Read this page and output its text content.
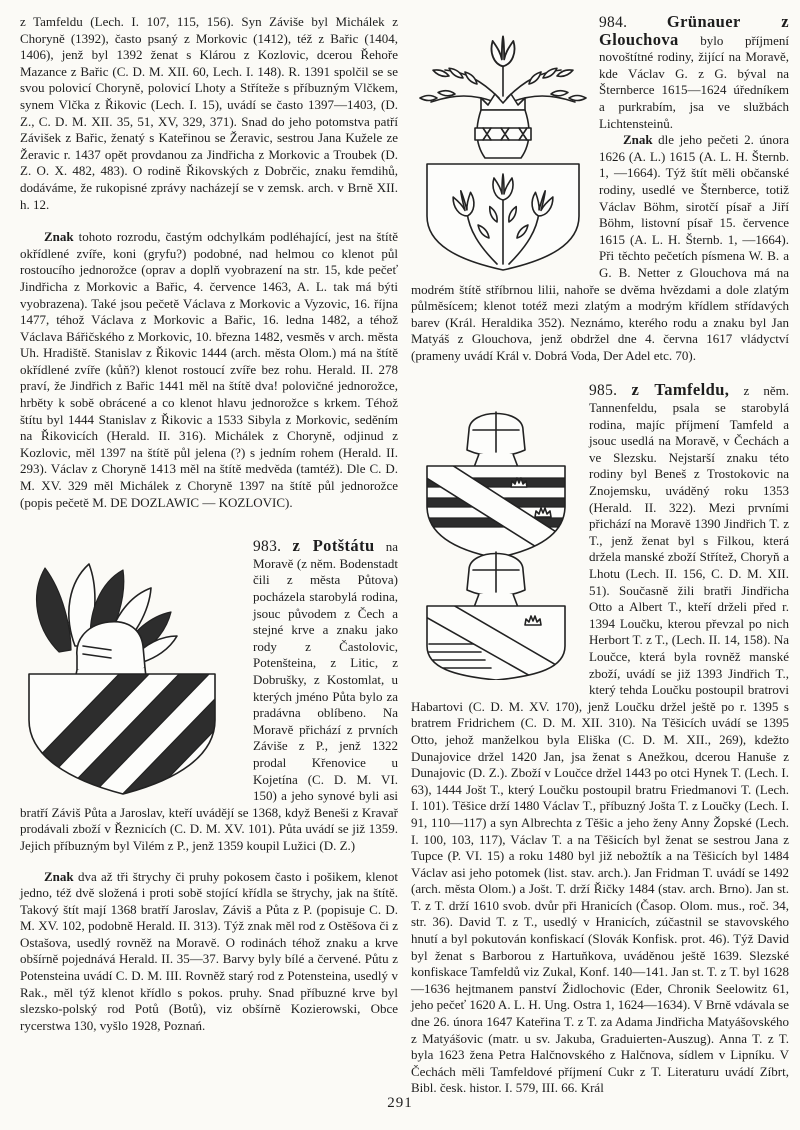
z Tamfeldu (Lech. I. 107, 115, 156). Syn Záviše byl Michálek z Choryně (1392), často psaný z Morkovic (1412), též z Bařic (1404, 1406), jenž byl 1392 ženat s Klárou z Kozlovic, dcerou Řehoře Mazance z Bařic (C. D. M. XII. 60, Lech. I. 148). R. 1391 spolčil se se svou polovicí Choryně, polovicí Lhoty a Stříteže s příbuzným Vlčkem, synem Vlčka z Řikovic (Lech. I. 15), uvádí se často 1397—1403, (D. Z., C. D. M. XII. 35, 51, XV, 329, 371). Snad do jeho potomstva patří Závišek z Bařic, ženatý s Kateřinou se Žeravic, sestrou Jana Kužele ze Žeravic r. 1437 opět provdanou za Jindřicha z Morkovic a Troubek (D. Z. O. X. 482, 483). O rodině Řikovských z Dobrčic, znaku řemdihů, dodáváme, že rukopisné zprávy nacházejí se v zemsk. arch. v Brně XII. h. 12.

Znak tohoto rozrodu, častým odchylkám podléhající, jest na štítě okřídlené zvíře, koni (gryfu?) podobné, nad helmou co klenot půl rostoucího jednorožce (oprav a doplň vyobrazení na str. 15, kde pečeť Jindřicha z Morkovic a Bařic, 4. července 1463, A. L. tak má býti vyobrazena). Také jsou pečetě Václava z Morkovic a Vyzovic, 16. října 1477, téhož Václava z Morkovic a Bařic, 16. ledna 1482, a téhož Václava Bářičského z Morkovic, 10. března 1482, vesměs v arch. města Uh. Hradiště. Stanislav z Řikovic 1444 (arch. města Olom.) má na štítě okřídlené zvíře (kůň?) klenot rostoucí zvíře bez rohu. Herald. II. 278 praví, že Jindřich z Bařic 1441 měl na štítě dva! polovičné jednorožce, hrběty k sobě obrácené a co klenot hlavu jednorožce s krkem. Téhož štítu byl 1444 Stanislav z Řikovic a 1533 Sibyla z Morkovic, seděním na Řikovicích (Herald. II. 316). Michálek z Choryně, odjinud z Kozlovic, měl 1397 na štítě půl jelena (?) s jedním rohem (Herald. II. 293). Václav z Choryně 1413 měl na štítě medvěda (tamtéž). Dle C. D. M. XV. 329 měl Michálek z Choryně 1397 na štítě půl jednorožce (popis pečetě M. DE DOZLAWIC — KOZLOVIC).

983. z Potštátu na Moravě (z něm. Bodenstadt čili z města Půtova) pocházela starobylá rodina, jsouc původem z Čech a stejné krve a znaku jako rody z Častolovic, Potenšteina, z Litic, z Dobrušky, z Kostomlat, u kterých jméno Půta bylo za pradávna oblíbeno. Na Moravě přichází z prvních Záviše z P., jenž 1322 prodal Křenovice u Kojetína (C. D. M. VI. 150) a jeho synové byli asi bratří Záviš Půta a Jaroslav, kteří uvádějí se 1368, když Beneši z Kravař prodávali zboží v Řeznicích (C. D. M. XV. 101). Půta uvádí se již 1359. Jejich příbuzným byl Vilém z P., jenž 1359 koupil Lužici (D. Z.)

Znak dva až tři štrychy či pruhy pokosem často i pošikem, klenot jedno, též dvě složená i proti sobě stojící křídla se štrychy, jak na štítě. Takový štít mají 1368 bratří Jaroslav, Záviš a Půta z P. (popisuje C. D. M. XV. 102, podobně Herald. II. 313). Týž znak měl rod z Ostěšova či z Ostašova, usedlý rovněž na Moravě. O rodinách téhož znaku a krve obšírně pojednává Herald. II. 35—37. Barvy byly bílé a červené. Půtu z Potensteina uvádí C. D. M. III. Rovněž starý rod z Potensteina, usedlý v Rak., měl týž klenot křídlo s pokos. pruhy. Snad příbuzné krve byl slezsko-polský rod Potů (Botů), viz obšírně Kozierowski, Obce rycerstwa 130, vyšlo 1928, Poznań.

984. Grünauer z Glouchova bylo příjmení novoštítné rodiny, žijící na Moravě, kde Václav G. z G. býval na Šternberce 1615—1624 úředníkem a purkrabím, jsa ve službách Lichtensteinů.

Znak dle jeho pečeti 2. února 1626 (A. L.) 1615 (A. L. H. Šternb. 1, —1664). Týž štít měli občanské rodiny, usedlé ve Šternberce, totiž Václav Böhm, sirotčí písař a Jiří Böhm, listovní písař 15. července 1615 (A. L. H. Šternb. 1, —1664). Při těchto pečetích písmena W. B. a G. B. Netter z Glouchova má na modrém štítě stříbrnou lilii, nahoře se dvěma hvězdami a dole zlatým půlměsícem; klenot totéž mezi zlatým a modrým křídlem střídavých barev (Král. Heraldika 352). Neznámo, kterého rodu a znaku byl Jan Matyáš z Glouchova, jenž obdržel dne 4. června 1617 vládyctví (prameny uvádí Král v. Dobrá Voda, Der Adel etc. 70).

985. z Tamfeldu, z něm. Tannenfeldu, psala se starobylá rodina, majíc příjmení Tamfeld a jsouc usedlá na Moravě, v Čechách a ve Slezsku. Nejstarší znaku této rodiny byl Beneš z Trostokovic na Znojemsku, uváděný roku 1353 (Herald. II. 322). Mezi prvními přichází na Moravě 1390 Jindřich T. z T., jenž ženat byl s Filkou, která držela manské zboží Střítež, Choryň a Lhotu (Lech. II. 156, C. D. M. XII. 51). Současně žili bratři Jindřicha Otto a Albert T., kteří drželi před r. 1394 Loučku, kterou převzal po nich Herbort T. z T., (Lech. II. 14, 158). Na Loučce, která byla rovněž manské zboží, uvádí se již 1393 Jindřich T., který tehda Loučku postoupil bratrovi Habartovi (C. D. M. XV. 170), jenž Loučku držel ještě po r. 1395 s bratrem Fridrichem (C. D. M. XII. 310). Na Těšicích uvádí se 1395 Otto, jehož manželkou byla Eliška (C. D. M. XII., 269), kdežto Dunajovice držel 1420 Jan, jsa ženat s Anežkou, dcerou Hanuše z Dunajovic (D. Z.). Zboží v Loučce držel 1443 po otci Hynek T. (Lech. I. 63), 1444 Jošt T., který Loučku postoupil bratru Friedmanovi T. (Lech. I. 101). Těšice drží 1480 Václav T., příbuzný Jošta T. z Loučky (Lech. I. 91, 110—117) a syn Albrechta z Těšic a jeho ženy Anny Žopské (Lech. I. 100, 103, 117), Václav T. a na Těšicích byl ženat se sestrou Jana z Tupce (P. VI. 15) a roku 1480 byl již nebožtík a na Těšicích byl 1484 Václav asi jeho potomek (list. stav. arch.). Jan Fridman T. uvádí se 1492 (arch. města Olom.) a Jošt. T. drží Řičky 1484 (stav. arch. Brno). Jan st. T. z T. drží 1610 svob. dvůr při Hranicích (Časop. Olom. mus., roč. 34, str. 36). David T. z T., usedlý v Hranicích, zúčastnil se stavovského hnutí a byl pokutován konfiskací (Slovák Konfisk. prot. 46). Týž David byl ženat s Barborou z Hartuňkova, uváděnou ještě 1639. Slezské konfiskace Tamfeldů viz Zukal, Konf. 140—141. Jan st. T. z T. byl 1628—1636 hejtmanem panství Židlochovic (Eder, Chronik Seelowitz 61, jeho pečeť 1620 A. L. H. Ung. Ostra 1, 1624—1634). V Brně vdávala se dne 26. února 1647 Kateřina T. z T. za Adama Jindřicha Matyášovského z Matyášovic (matr. u sv. Jakuba, Graduierten-Auszug). Anna T. z T. byla 1623 žena Petra Halčnovského z Halčnova, sídlem v Lipníku. V Čechách měli Tamfeldové příjmení Cukr z T. Literaturu uvádí Zíbrt, Bibl. česk. histor. I. 579, III. 66. Král

291
